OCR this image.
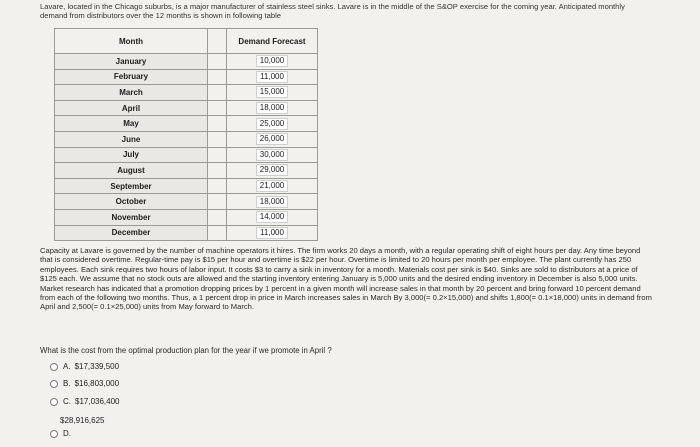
Lavare, located in the Chicago suburbs, is a major manufacturer of stainless steel sinks. Lavare is in the middle of the S&OP exercise for the coming year. Anticipated monthly
demand from distributors over the 12 months is shown in following table
Month		Demand Forecast
January		10,000
February		11,000
March		15,000
April		18,000
May		25,000
June		26,000
July		30,000
August		29,000
September		21,000
October		18,000
November		14,000
December		11,000
Capacity at Lavare is governed by the number of machine operators it hires. The firm works 20 days a month, with a regular operating shift of eight hours per day. Any time beyond
that is considered overtime. Regular-time pay is $15 per hour and overtime is $22 per hour. Overtime is limited to 20 hours per month per employee. The plant currently has 250
employees. Each sink requires two hours of labor input. It costs $3 to carry a sink in inventory for a month. Materials cost per sink is $40. Sinks are sold to distributors at a price of
$125 each. We assume that no stock outs are allowed and the starting inventory entering January is 5,000 units and the desired ending inventory in December is also 5,000 units.
Market research has indicated that a promotion dropping prices by 1 percent in a given month will increase sales in that month by 20 percent and bring forward 10 percent demand
from each of the following two months. Thus, a 1 percent drop in price in March increases sales in March By 3,000(= 0.2×15,000) and shifts 1,800(= 0.1×18,000) units in demand from
April and 2,500(= 0.1×25,000) units from May forward to March.
What is the cost from the optimal production plan for the year if we promote in April ?
A. $17,339,500
B. $16,803,000
C. $17,036,400
$28,916,625
D.
